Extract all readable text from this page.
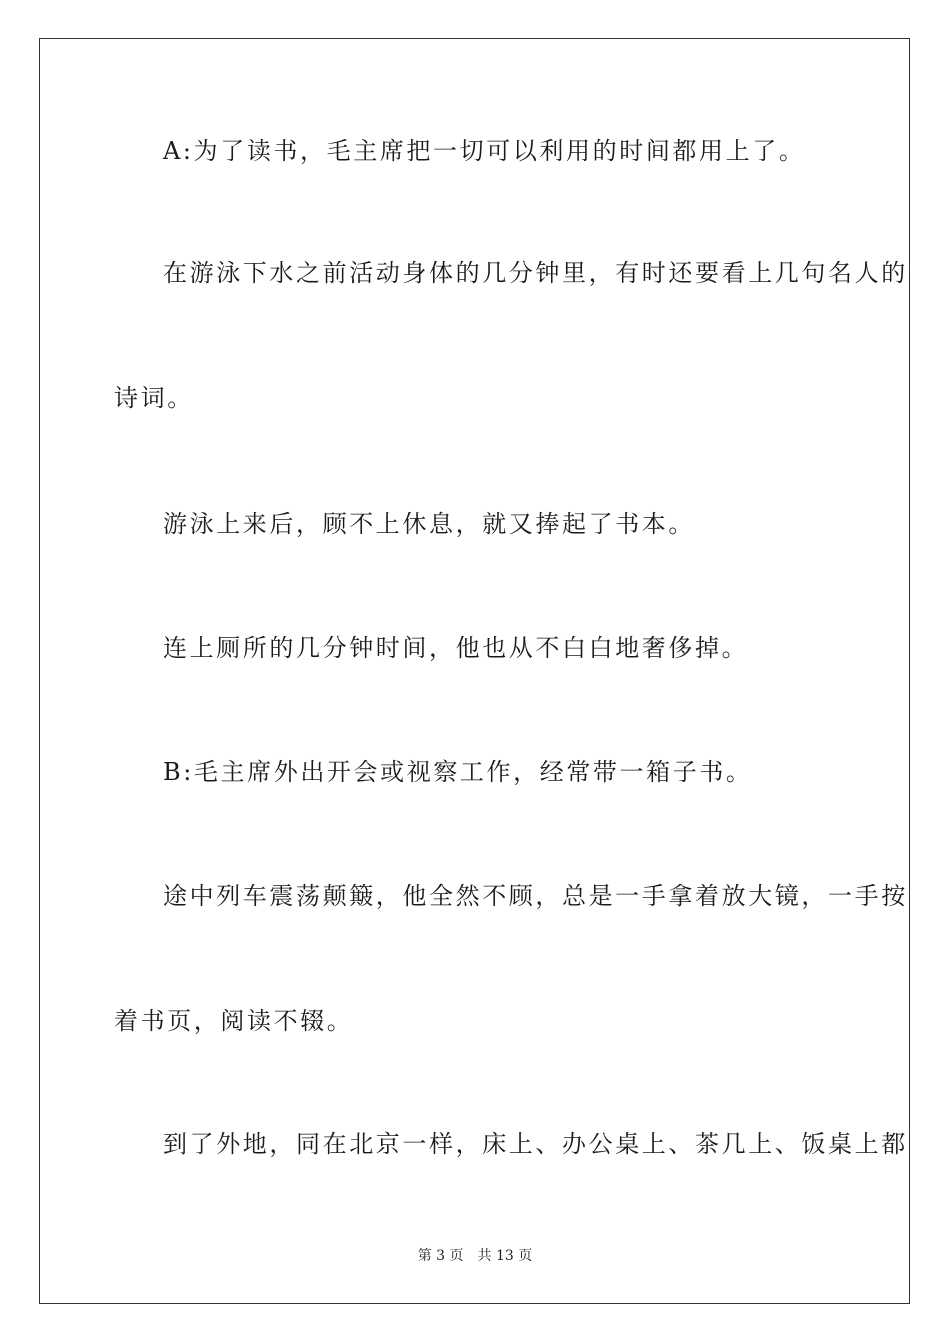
A:为了读书，毛主席把一切可以利用的时间都用上了。
在游泳下水之前活动身体的几分钟里，有时还要看上几句名人的
诗词。
游泳上来后，顾不上休息，就又捧起了书本。
连上厕所的几分钟时间，他也从不白白地奢侈掉。
B:毛主席外出开会或视察工作，经常带一箱子书。
途中列车震荡颠簸，他全然不顾，总是一手拿着放大镜，一手按
着书页，阅读不辍。
到了外地，同在北京一样，床上、办公桌上、茶几上、饭桌上都
第 3 页　共 13 页
